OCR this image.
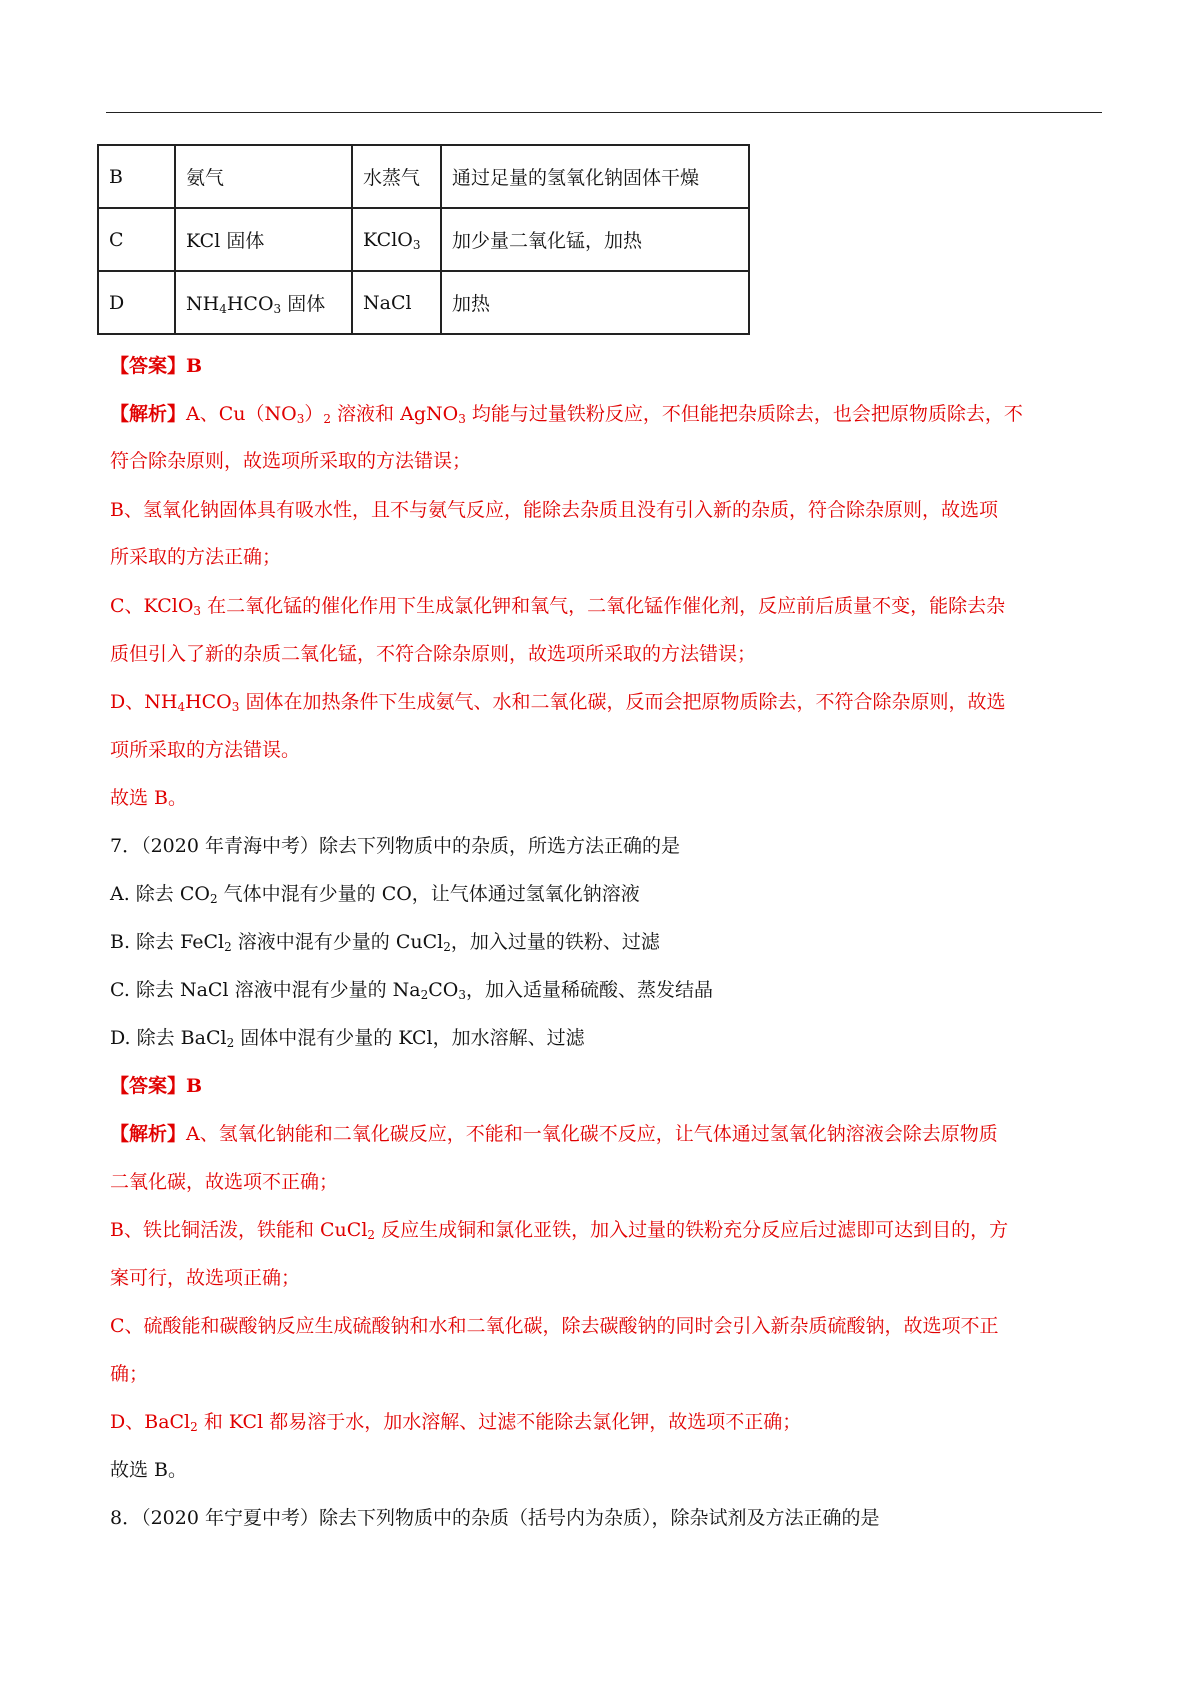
B	氨气	水蒸气	通过足量的氢氧化钠固体干燥
C	KCl 固体	KClO$_3$	加少量二氧化锰，加热
D	$NH_4HCO_3$ 固体	NaCl	加热
【答案】B
【解析】A、$Cu(NO_3)_2$ 溶液和 AgNO$_3$ 均能与过量铁粉反应，不但能把杂质除去，也会把原物质除去，不
符合除杂原则，故选项所采取的方法错误；
B、氢氧化钠固体具有吸水性，且不与氨气反应，能除去杂质且没有引入新的杂质，符合除杂原则，故选项
所采取的方法正确；
C、KClO$_3$ 在二氧化锰的催化作用下生成氯化钾和氧气，二氧化锰作催化剂，反应前后质量不变，能除去杂
质但引入了新的杂质二氧化锰，不符合除杂原则，故选项所采取的方法错误；
D、$NH_4HCO_3$ 固体在加热条件下生成氨气、水和二氧化碳，反而会把原物质除去，不符合除杂原则，故选
项所采取的方法错误。
故选 B。
7．（2020 年青海中考）除去下列物质中的杂质，所选方法正确的是
A. 除去 $CO_2$ 气体中混有少量的 CO，让气体通过氢氧化钠溶液
B. 除去 FeCl$_2$ 溶液中混有少量的 CuCl$_2$，加入过量的铁粉、过滤
C. 除去 NaCl 溶液中混有少量的 $Na_2CO_3$，加入适量稀硫酸、蒸发结晶
D. 除去 BaCl$_2$ 固体中混有少量的 KCl，加水溶解、过滤
【答案】B
【解析】A、氢氧化钠能和二氧化碳反应，不能和一氧化碳不反应，让气体通过氢氧化钠溶液会除去原物质
二氧化碳，故选项不正确；
B、铁比铜活泼，铁能和 CuCl$_2$ 反应生成铜和氯化亚铁，加入过量的铁粉充分反应后过滤即可达到目的，方
案可行，故选项正确；
C、硫酸能和碳酸钠反应生成硫酸钠和水和二氧化碳，除去碳酸钠的同时会引入新杂质硫酸钠，故选项不正
确；
D、BaCl$_2$ 和 KCl 都易溶于水，加水溶解、过滤不能除去氯化钾，故选项不正确；
故选 B。
8．（2020 年宁夏中考）除去下列物质中的杂质（括号内为杂质），除杂试剂及方法正确的是
